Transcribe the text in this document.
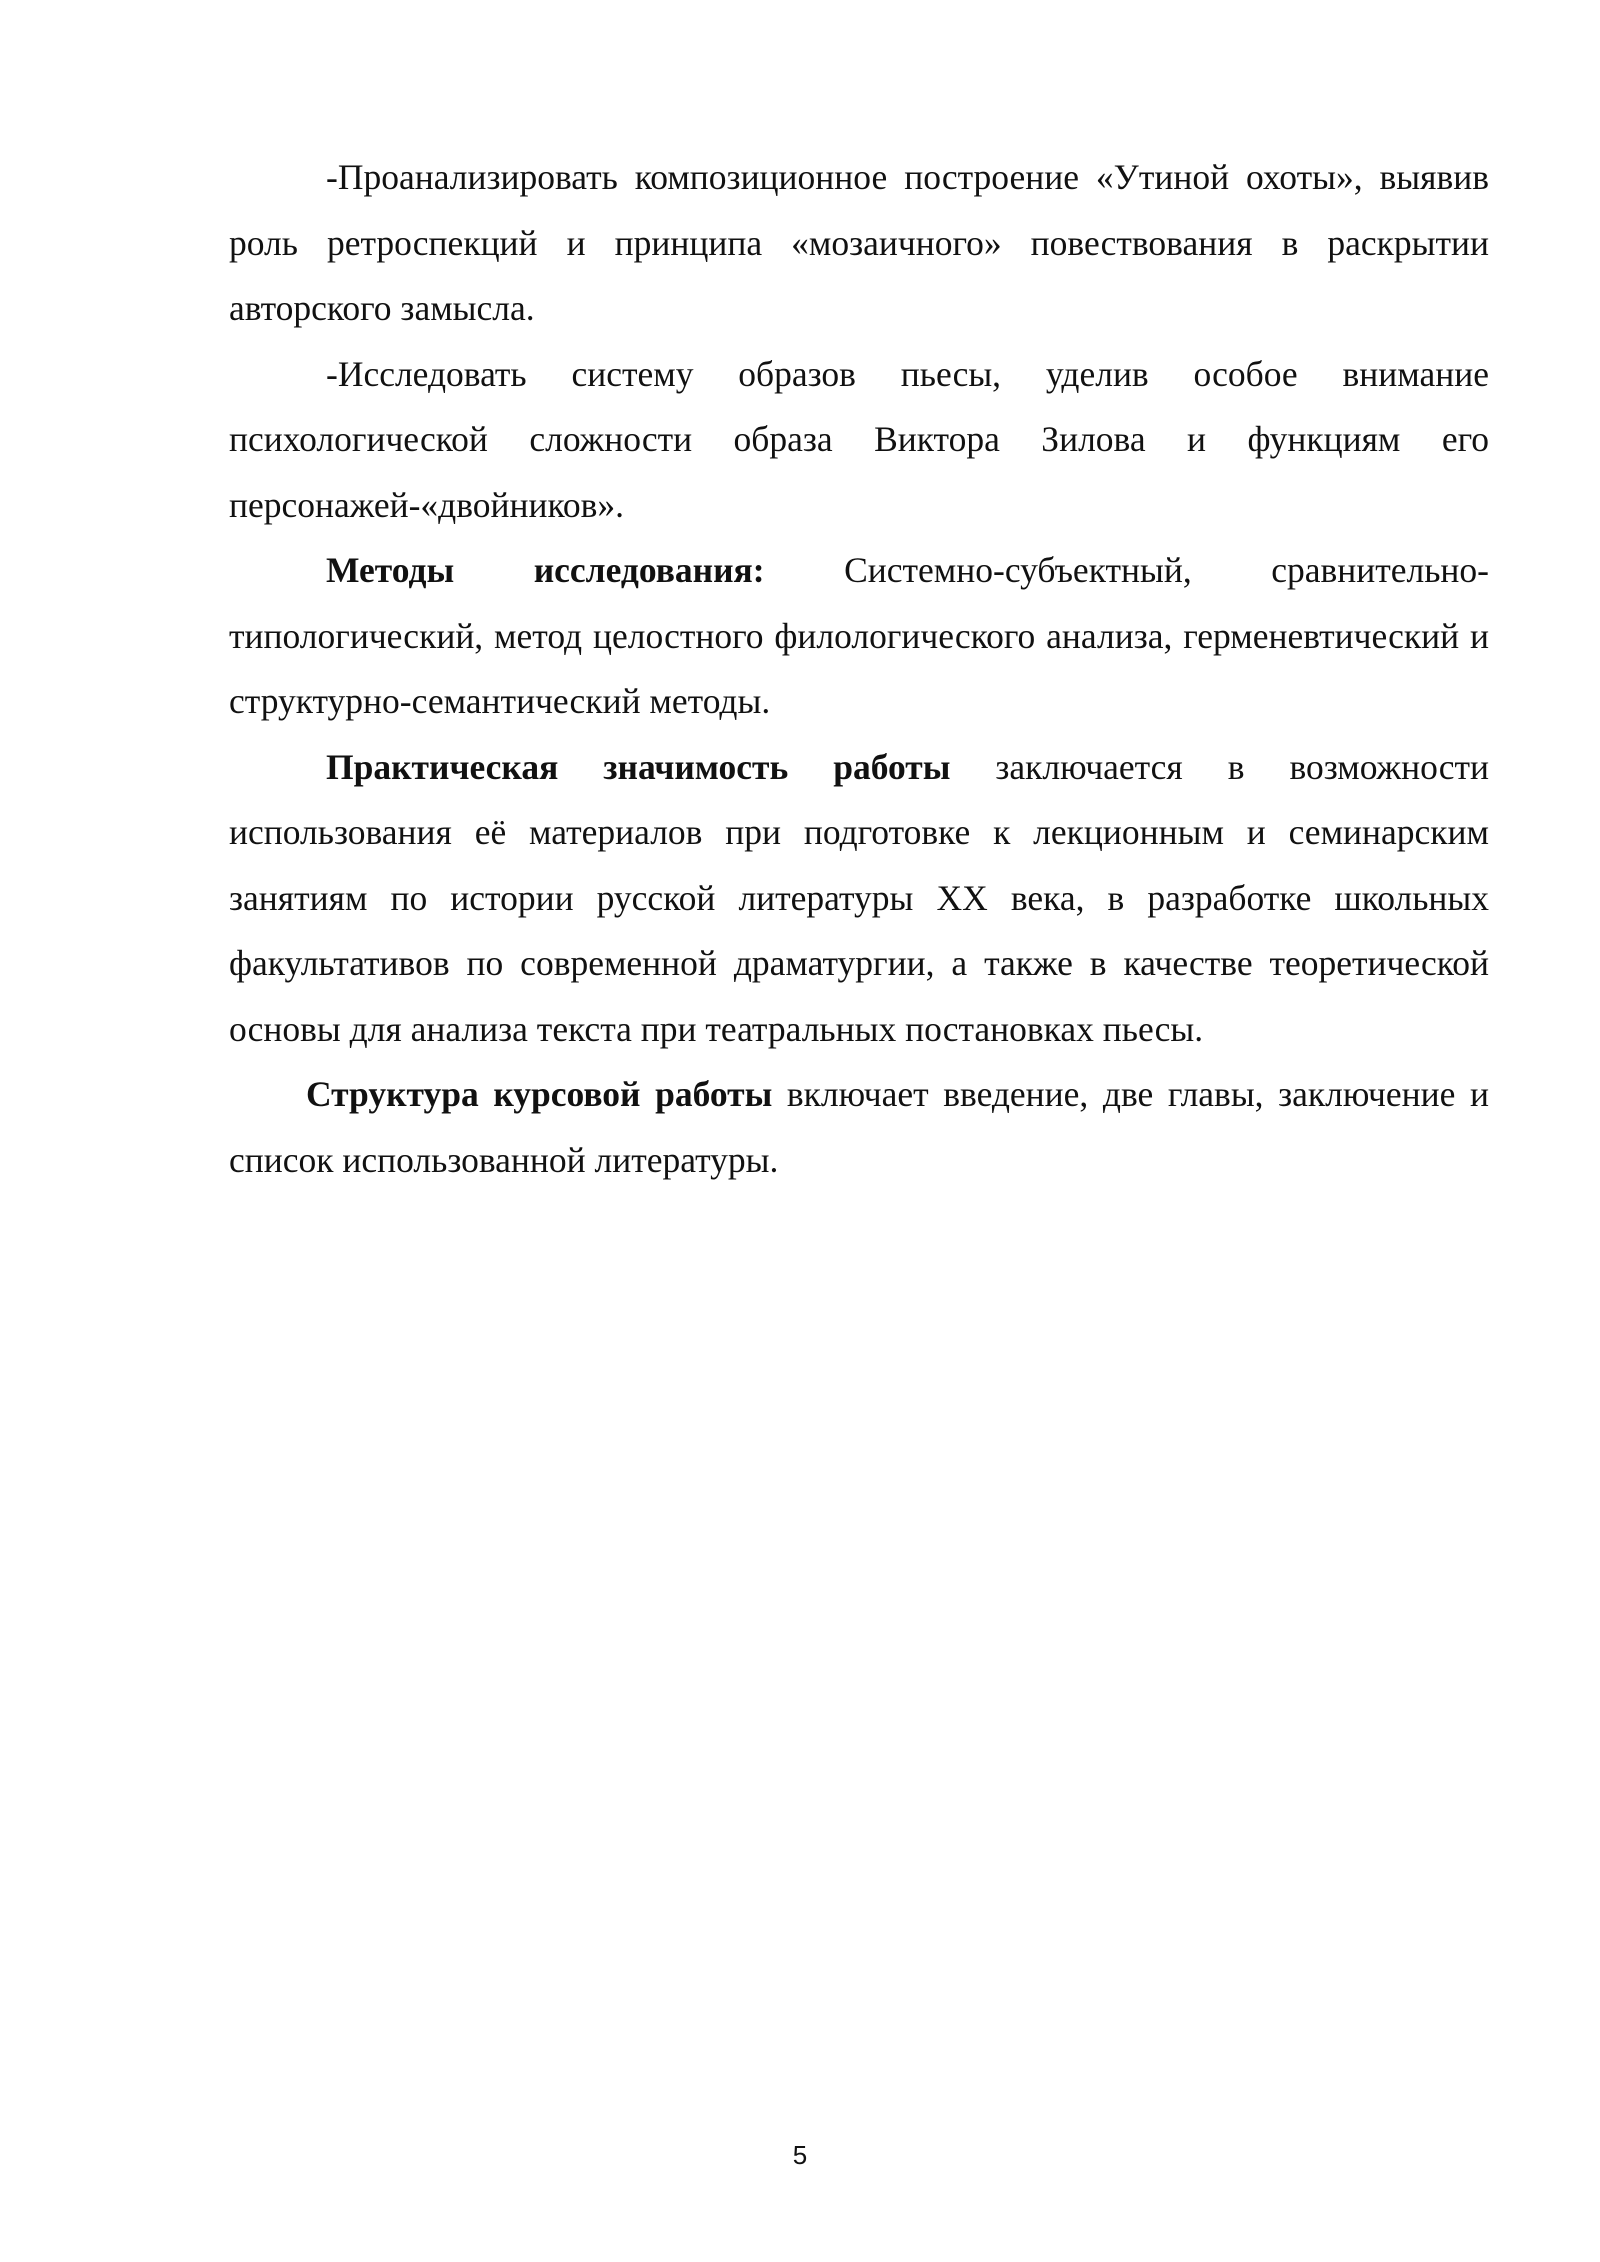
-Проанализировать композиционное построение «Утиной охоты», выявив роль ретроспекций и принципа «мозаичного» повествования в раскрытии авторского замысла.

-Исследовать систему образов пьесы, уделив особое внимание психологической сложности образа Виктора Зилова и функциям его персонажей-«двойников».

Методы исследования: Системно-субъектный, сравнительно-типологический, метод целостного филологического анализа, герменевтический и структурно-семантический методы.

Практическая значимость работы заключается в возможности использования её материалов при подготовке к лекционным и семинарским занятиям по истории русской литературы XX века, в разработке школьных факультативов по современной драматургии, а также в качестве теоретической основы для анализа текста при театральных постановках пьесы.

Структура курсовой работы включает введение, две главы, заключение и список использованной литературы.

5
